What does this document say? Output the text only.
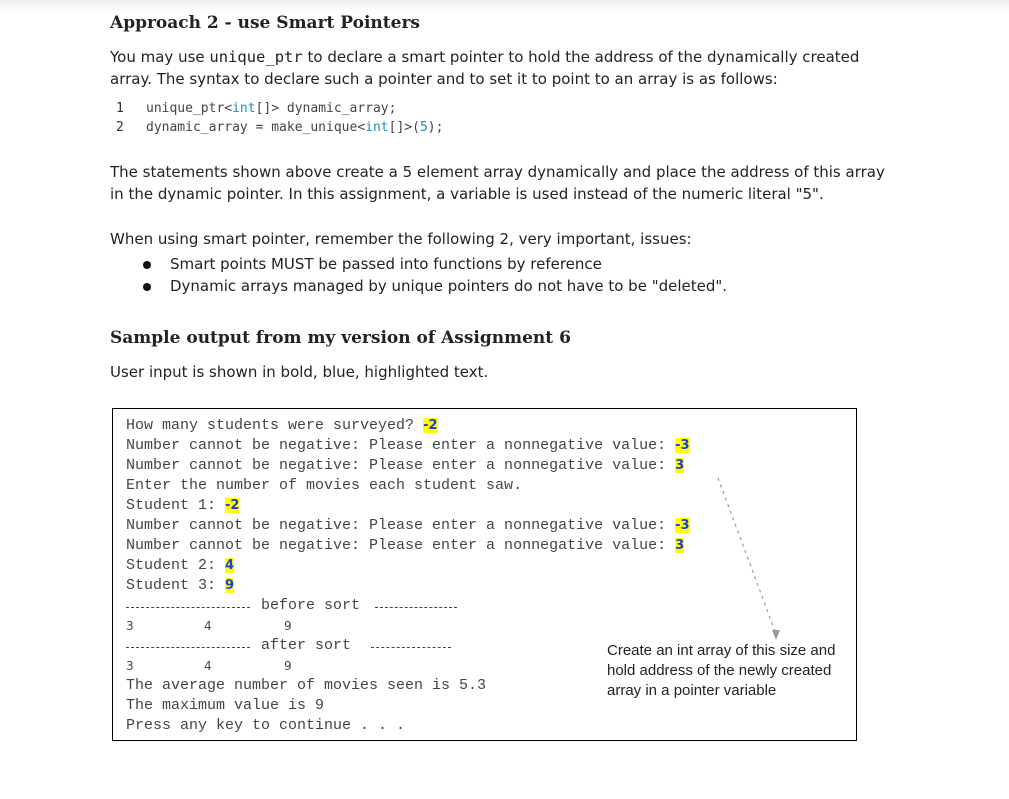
Approach 2 - use Smart Pointers

You may use unique_ptr to declare a smart pointer to hold the address of the dynamically created array. The syntax to declare such a pointer and to set it to point to an array is as follows:

1 unique_ptr<int[]> dynamic_array;
2 dynamic_array = make_unique<int[]>(5);

The statements shown above create a 5 element array dynamically and place the address of this array in the dynamic pointer. In this assignment, a variable is used instead of the numeric literal "5".

When using smart pointer, remember the following 2, very important, issues:

Smart points MUST be passed into functions by reference
Dynamic arrays managed by unique pointers do not have to be "deleted".
Sample output from my version of Assignment 6

User input is shown in bold, blue, highlighted text.

How many students were surveyed? -2
Number cannot be negative: Please enter a nonnegative value: -3
Number cannot be negative: Please enter a nonnegative value: 3
Enter the number of movies each student saw.
Student 1: -2
Number cannot be negative: Please enter a nonnegative value: -3
Number cannot be negative: Please enter a nonnegative value: 3
Student 2: 4
Student 3: 9
before sort
3	4	9
after sort
3	4	9
The average number of movies seen is 5.3
The maximum value is 9
Press any key to continue . . .
Create an int array of this size and hold address of the newly created array in a pointer variable
